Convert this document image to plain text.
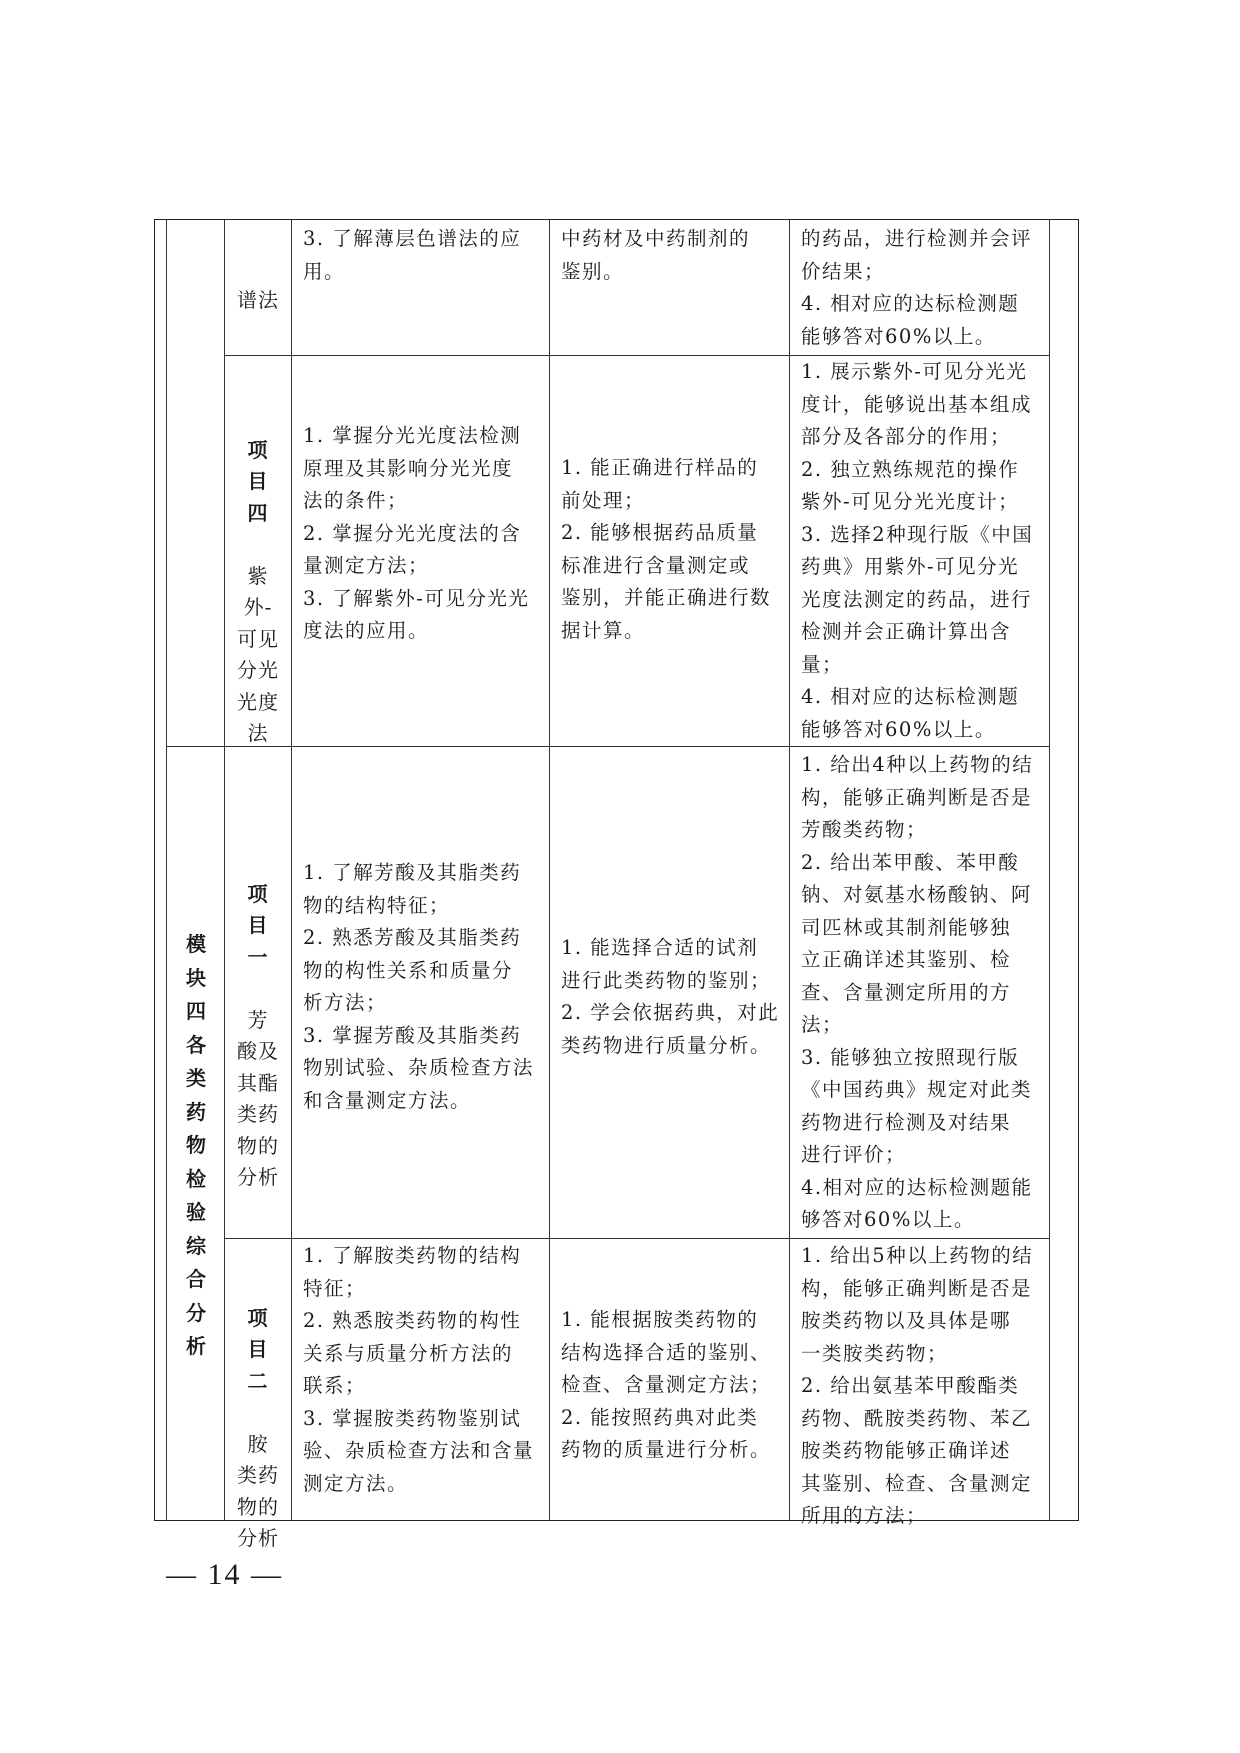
模
块
四
各
类
药
物
检
验
综
合
分
析

谱法

3. 了解薄层色谱法的应
用。
中药材及中药制剂的
鉴别。
的药品，进行检测并会评
价结果；
4. 相对应的达标检测题
能够答对60%以上。

项
目
四

紫
外-
可见
分光
光度
法

1. 掌握分光光度法检测
原理及其影响分光光度
法的条件；
2. 掌握分光光度法的含
量测定方法；
3. 了解紫外-可见分光光
度法的应用。
1. 能正确进行样品的
前处理；
2. 能够根据药品质量
标准进行含量测定或
鉴别，并能正确进行数
据计算。
1. 展示紫外-可见分光光
度计，能够说出基本组成
部分及各部分的作用；
2. 独立熟练规范的操作
紫外-可见分光光度计；
3. 选择2种现行版《中国
药典》用紫外-可见分光
光度法测定的药品，进行
检测并会正确计算出含
量；
4. 相对应的达标检测题
能够答对60%以上。

项
目
一

芳
酸及
其酯
类药
物的
分析

1. 了解芳酸及其脂类药
物的结构特征；
2. 熟悉芳酸及其脂类药
物的构性关系和质量分
析方法；
3. 掌握芳酸及其脂类药
物别试验、杂质检查方法
和含量测定方法。
1. 能选择合适的试剂
进行此类药物的鉴别；
2. 学会依据药典，对此
类药物进行质量分析。
1. 给出4种以上药物的结
构，能够正确判断是否是
芳酸类药物；
2. 给出苯甲酸、苯甲酸
钠、对氨基水杨酸钠、阿
司匹林或其制剂能够独
立正确详述其鉴别、检
查、含量测定所用的方
法；
3. 能够独立按照现行版
《中国药典》规定对此类
药物进行检测及对结果
进行评价；
4.相对应的达标检测题能
够答对60%以上。

项
目
二

胺
类药
物的
分析

1. 了解胺类药物的结构
特征；
2. 熟悉胺类药物的构性
关系与质量分析方法的
联系；
3. 掌握胺类药物鉴别试
验、杂质检查方法和含量
测定方法。
1. 能根据胺类药物的
结构选择合适的鉴别、
检查、含量测定方法；
2. 能按照药典对此类
药物的质量进行分析。
1. 给出5种以上药物的结
构，能够正确判断是否是
胺类药物以及具体是哪
一类胺类药物；
2. 给出氨基苯甲酸酯类
药物、酰胺类药物、苯乙
胺类药物能够正确详述
其鉴别、检查、含量测定
所用的方法；
— 14 —
